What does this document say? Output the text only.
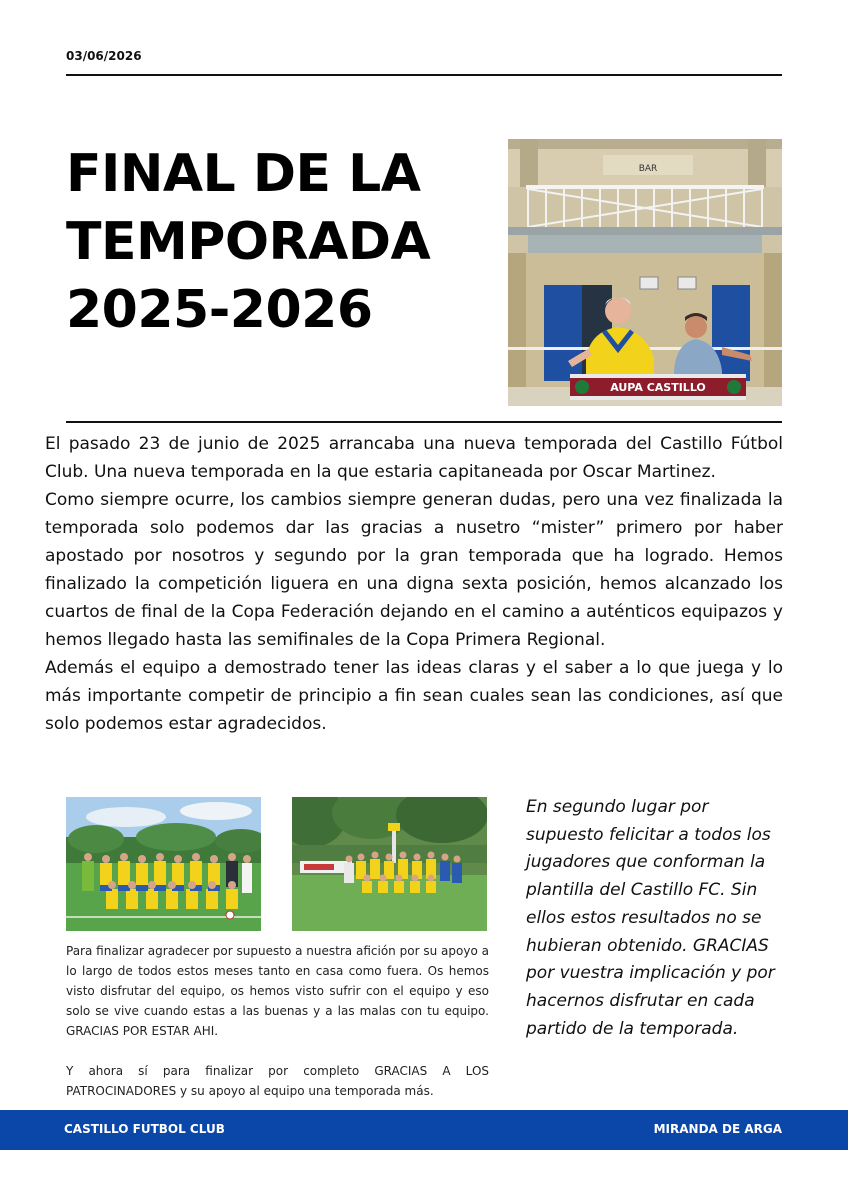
03/06/2026
FINAL DE LA
TEMPORADA
2025-2026
BAR
AUPA CASTILLO

El pasado 23 de junio de 2025 arrancaba una nueva temporada del Castillo Fútbol Club. Una nueva temporada en la que estaria capitaneada por Oscar Martinez.

Como siempre ocurre, los cambios siempre generan dudas, pero una vez finalizada la temporada solo podemos dar las gracias a nusetro “mister” primero por haber apostado por nosotros y segundo por la gran temporada que ha logrado. Hemos finalizado la competición liguera en una digna sexta posición, hemos alcanzado los cuartos de final de la Copa Federación dejando en el camino a auténticos equipazos y hemos llegado hasta las semifinales de la Copa Primera Regional.

Además el equipo a demostrado tener las ideas claras y el saber a lo que juega y lo más importante competir de principio a fin sean cuales sean las condiciones, así que solo podemos estar agradecidos.

Para finalizar agradecer por supuesto a nuestra afición por su apoyo a lo largo de todos estos meses tanto en casa como fuera. Os hemos visto disfrutar del equipo, os hemos visto sufrir con el equipo y eso solo se vive cuando estas a las buenas y a las malas con tu equipo. GRACIAS POR ESTAR AHI.

Y ahora sí para finalizar por completo GRACIAS A LOS PATROCINADORES y su apoyo al equipo una temporada más.

En segundo lugar por supuesto felicitar a todos los jugadores que conforman la plantilla del Castillo FC. Sin ellos estos resultados no se hubieran obtenido. GRACIAS por vuestra implicación y por hacernos disfrutar en cada partido de la temporada.
CASTILLO FUTBOL CLUB	MIRANDA DE ARGA
